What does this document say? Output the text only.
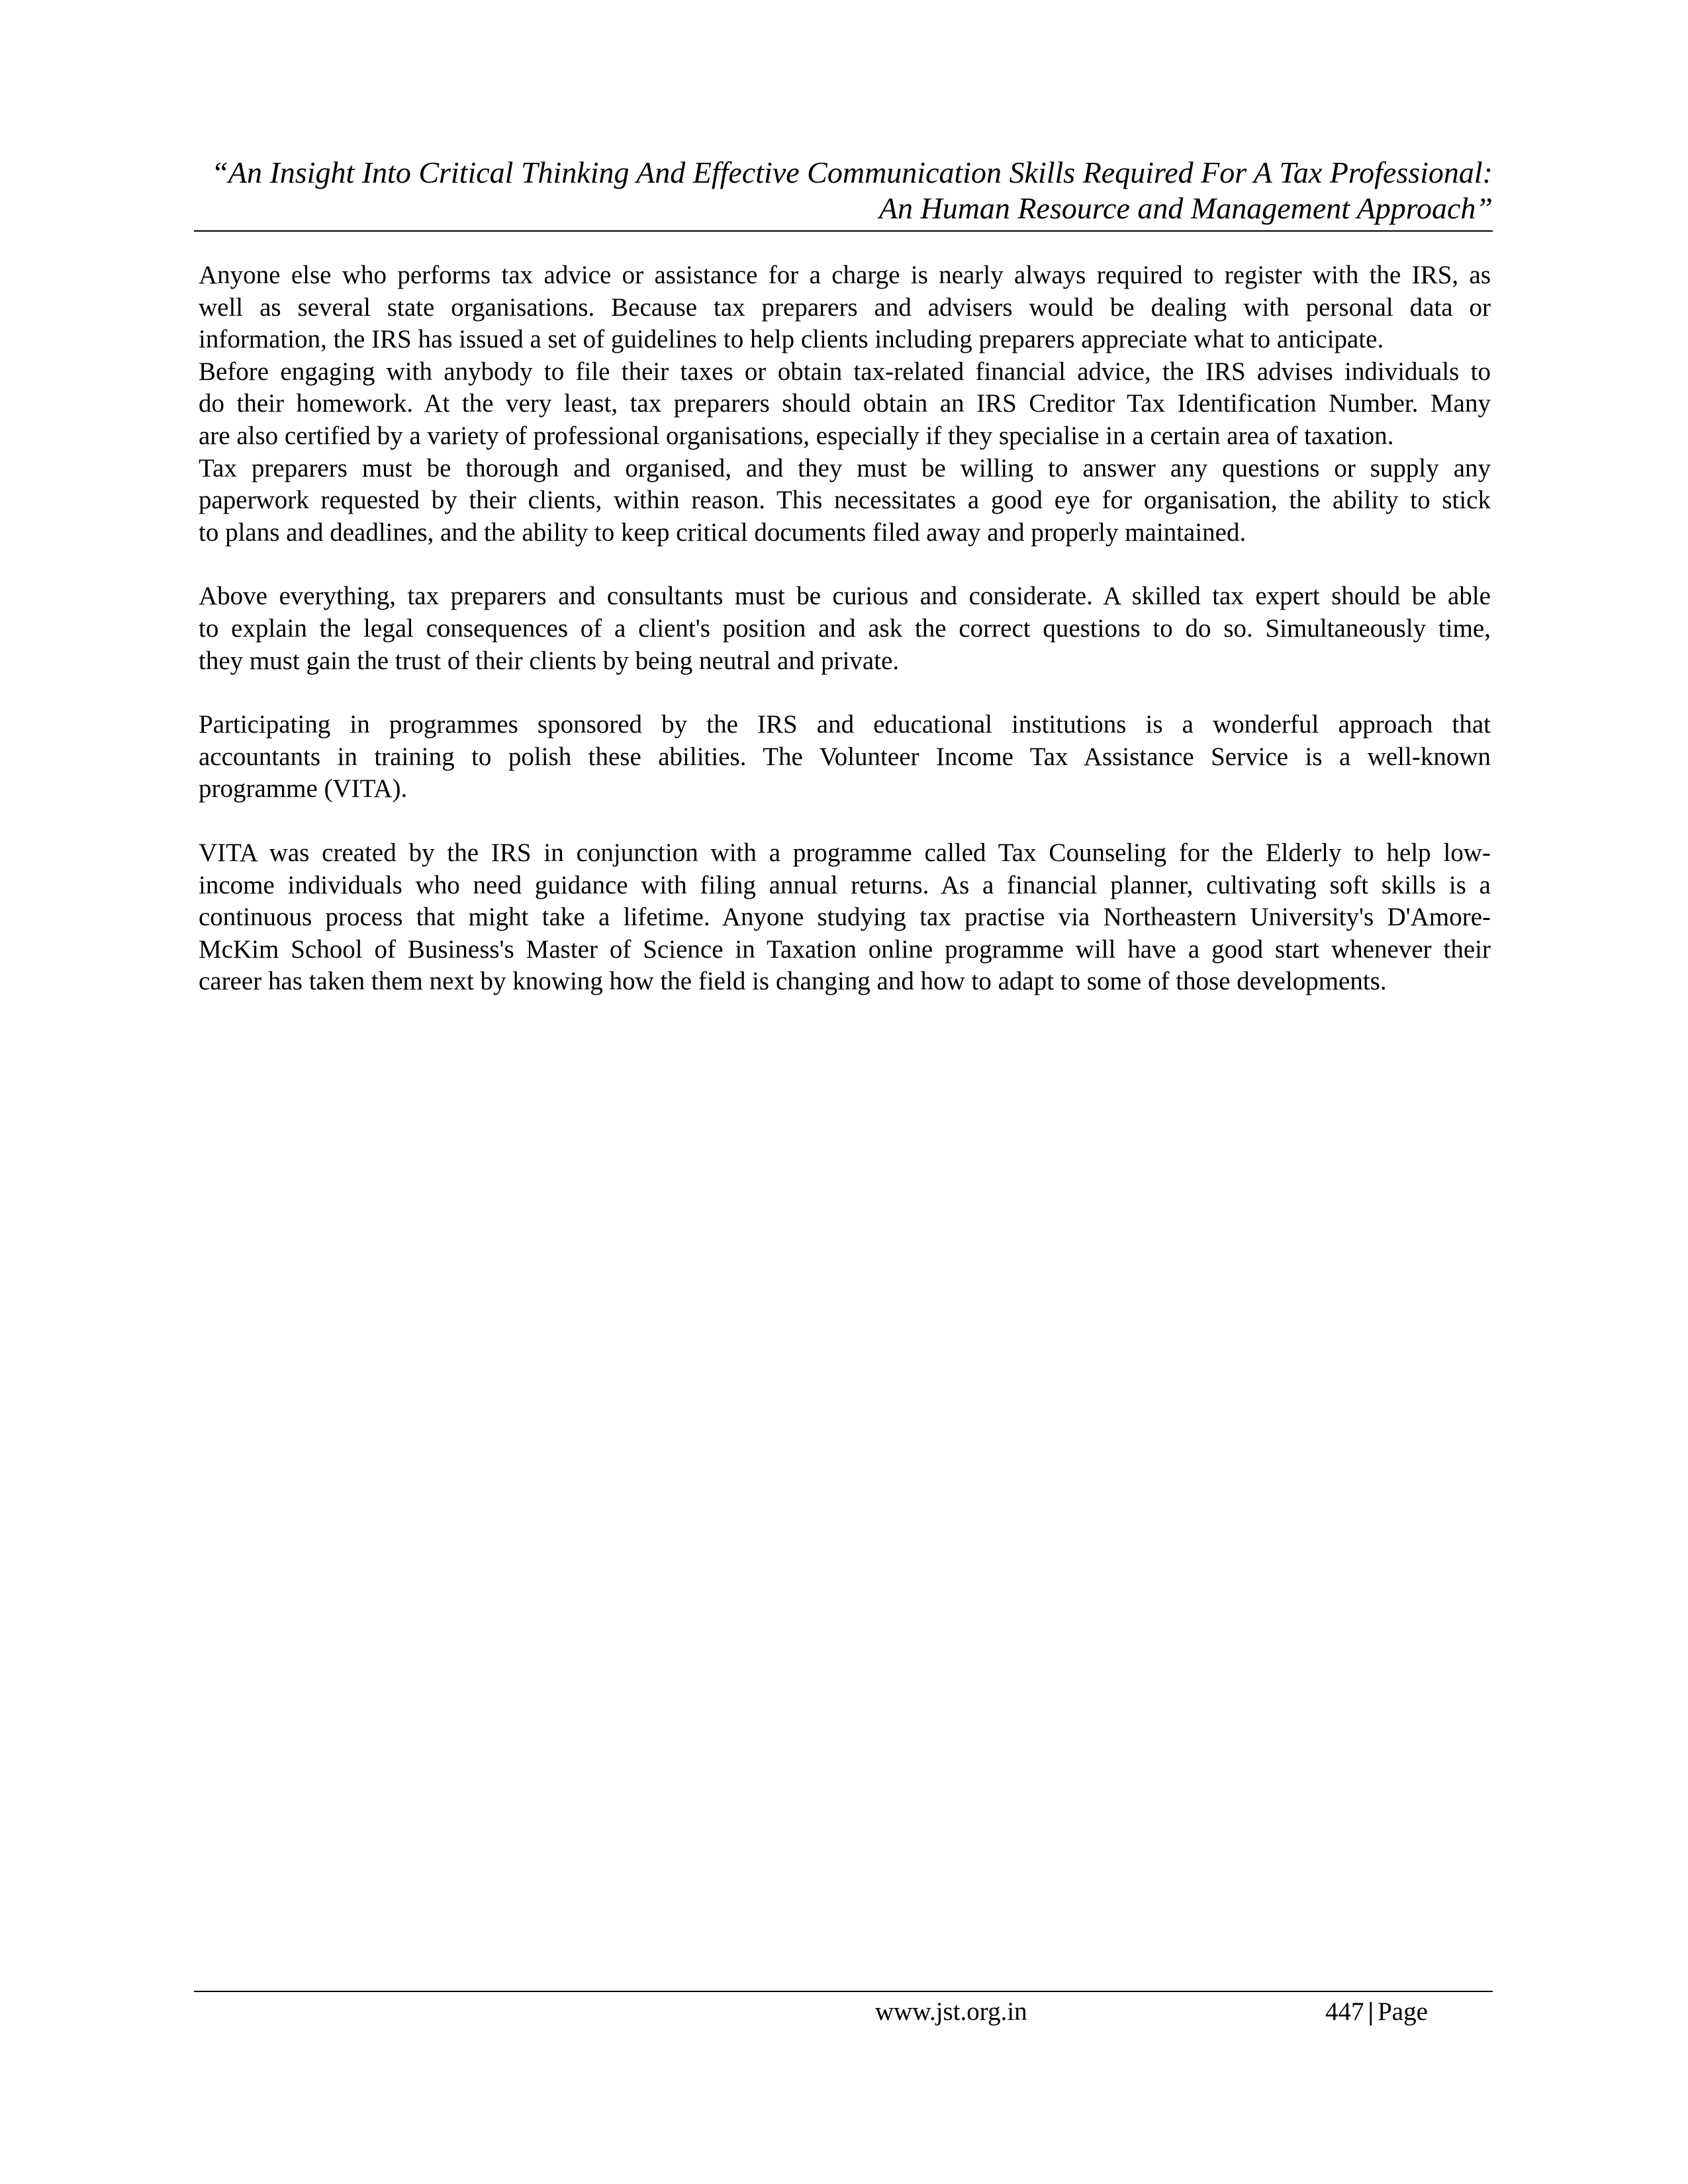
“An Insight Into Critical Thinking And Effective Communication Skills Required For A Tax Professional:
An Human Resource and Management Approach”
Anyone else who performs tax advice or assistance for a charge is nearly always required to register with the IRS, as
well as several state organisations. Because tax preparers and advisers would be dealing with personal data or
information, the IRS has issued a set of guidelines to help clients including preparers appreciate what to anticipate.
Before engaging with anybody to file their taxes or obtain tax-related financial advice, the IRS advises individuals to
do their homework. At the very least, tax preparers should obtain an IRS Creditor Tax Identification Number. Many
are also certified by a variety of professional organisations, especially if they specialise in a certain area of taxation.
Tax preparers must be thorough and organised, and they must be willing to answer any questions or supply any
paperwork requested by their clients, within reason. This necessitates a good eye for organisation, the ability to stick
to plans and deadlines, and the ability to keep critical documents filed away and properly maintained.
Above everything, tax preparers and consultants must be curious and considerate. A skilled tax expert should be able
to explain the legal consequences of a client's position and ask the correct questions to do so. Simultaneously time,
they must gain the trust of their clients by being neutral and private.
Participating in programmes sponsored by the IRS and educational institutions is a wonderful approach that
accountants in training to polish these abilities. The Volunteer Income Tax Assistance Service is a well-known
programme (VITA).
VITA was created by the IRS in conjunction with a programme called Tax Counseling for the Elderly to help low-
income individuals who need guidance with filing annual returns. As a financial planner, cultivating soft skills is a
continuous process that might take a lifetime. Anyone studying tax practise via Northeastern University's D'Amore-
McKim School of Business's Master of Science in Taxation online programme will have a good start whenever their
career has taken them next by knowing how the field is changing and how to adapt to some of those developments.
www.jst.org.in	447 | Page
